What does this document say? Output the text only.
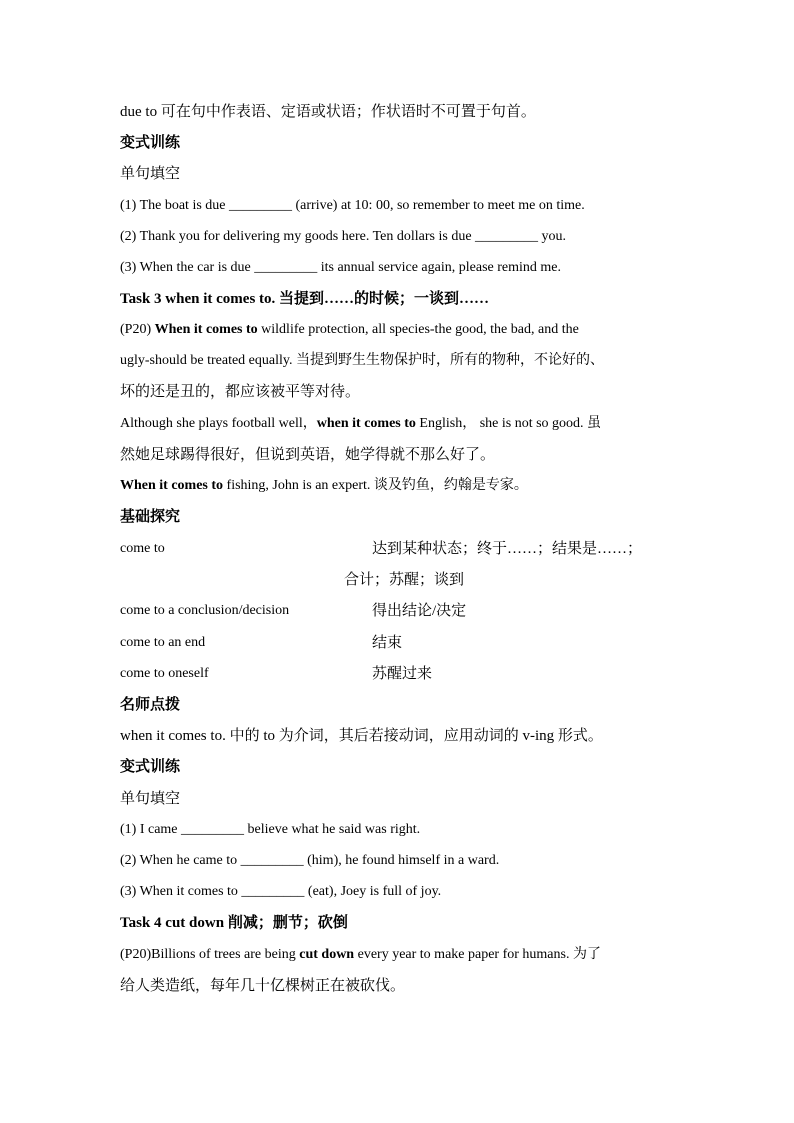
due to 可在句中作表语、定语或状语；作状语时不可置于句首。
变式训练
单句填空
(1) The boat is due _________ (arrive) at 10: 00, so remember to meet me on time.
(2) Thank you for delivering my goods here. Ten dollars is due _________ you.
(3) When the car is due _________ its annual service again, please remind me.
Task 3 when it comes to. 当提到……的时候；一谈到……
(P20) When it comes to wildlife protection, all species-the good, the bad, and the
ugly-should be treated equally. 当提到野生生物保护时，所有的物种，不论好的、
坏的还是丑的，都应该被平等对待。
Although she plays football well，when it comes to English， she is not so good. 虽
然她足球踢得很好，但说到英语，她学得就不那么好了。
When it comes to fishing, John is an expert. 谈及钓鱼，约翰是专家。
基础探究
come to	达到某种状态；终于……；结果是……；
合计；苏醒；谈到
come to a conclusion/decision	得出结论/决定
come to an end	结束
come to oneself	苏醒过来
名师点拨
when it comes to. 中的 to 为介词，其后若接动词，应用动词的 v-ing 形式。
变式训练
单句填空
(1) I came _________ believe what he said was right.
(2) When he came to _________ (him), he found himself in a ward.
(3) When it comes to _________ (eat), Joey is full of joy.
Task 4 cut down 削减；删节；砍倒
(P20)Billions of trees are being cut down every year to make paper for humans. 为了
给人类造纸，每年几十亿棵树正在被砍伐。
